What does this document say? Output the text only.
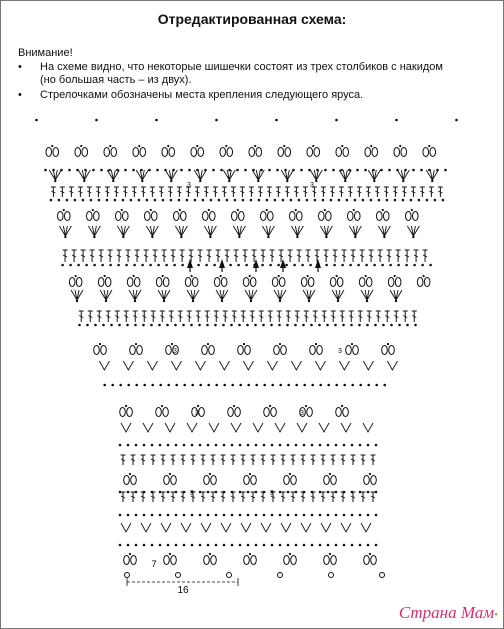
Отредактированная схема:
Внимание!
• На схеме видно, что некоторые шишечки состоят из трех столбиков с накидом
(но большая часть – из двух).
• Стрелочками обозначены места крепления следующего яруса.
7
16
3	3
3	3
3	3
3	3
Страна Мам•
